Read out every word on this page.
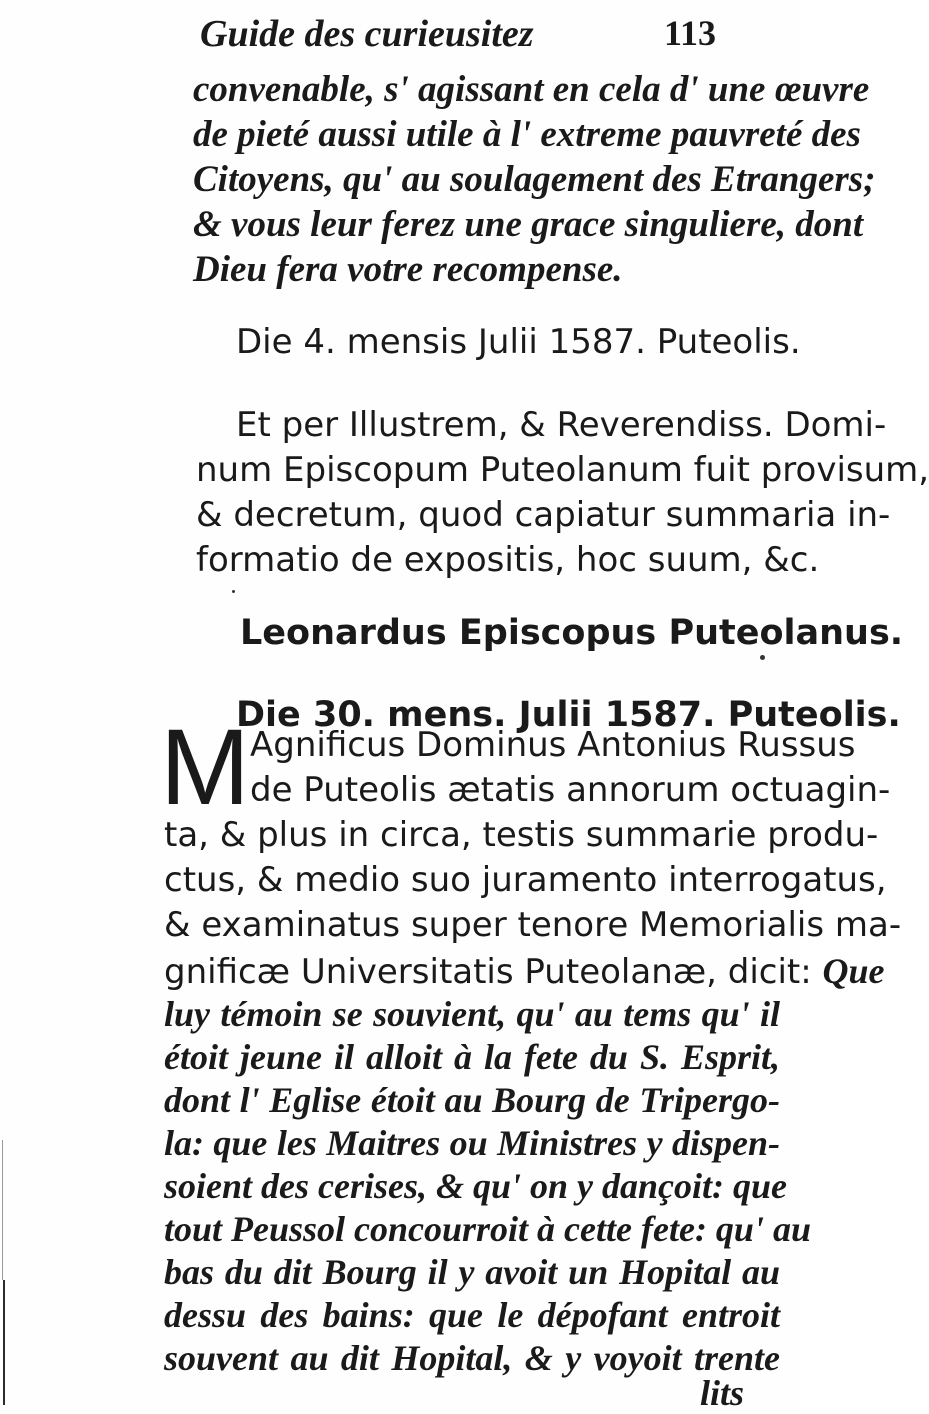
Guide des curieusitez	113
convenable, s' agissant en cela d' une œuvre
de pieté aussi utile à l' extreme pauvreté des
Citoyens, qu' au soulagement des Etrangers;
& vous leur ferez une grace singuliere, dont
Dieu fera votre recompense.
Die 4. mensis Julii 1587. Puteolis.
Et per Illustrem, & Reverendiss. Domi-
num Episcopum Puteolanum fuit provisum,
& decretum, quod capiatur summaria in-
formatio de expositis, hoc suum, &c.
Leonardus Episcopus Puteolanus.
Die 30. mens. Julii 1587. Puteolis.
M Agnificus Dominus Antonius Russus
de Puteolis ætatis annorum octuagin-
ta, & plus in circa, testis summarie produ-
ctus, & medio suo juramento interrogatus,
& examinatus super tenore Memorialis ma-
gnificæ Universitatis Puteolanæ, dicit: Que
luy témoin se souvient, qu' au tems qu' il
étoit jeune il alloit à la fete du S. Esprit,
dont l' Eglise étoit au Bourg de Tripergo-
la: que les Maitres ou Ministres y dispen-
soient des cerises, & qu' on y dançoit: que
tout Peussol concourroit à cette fete: qu' au
bas du dit Bourg il y avoit un Hopital au
dessu des bains: que le dépofant entroit
souvent au dit Hopital, & y voyoit trente
lits
